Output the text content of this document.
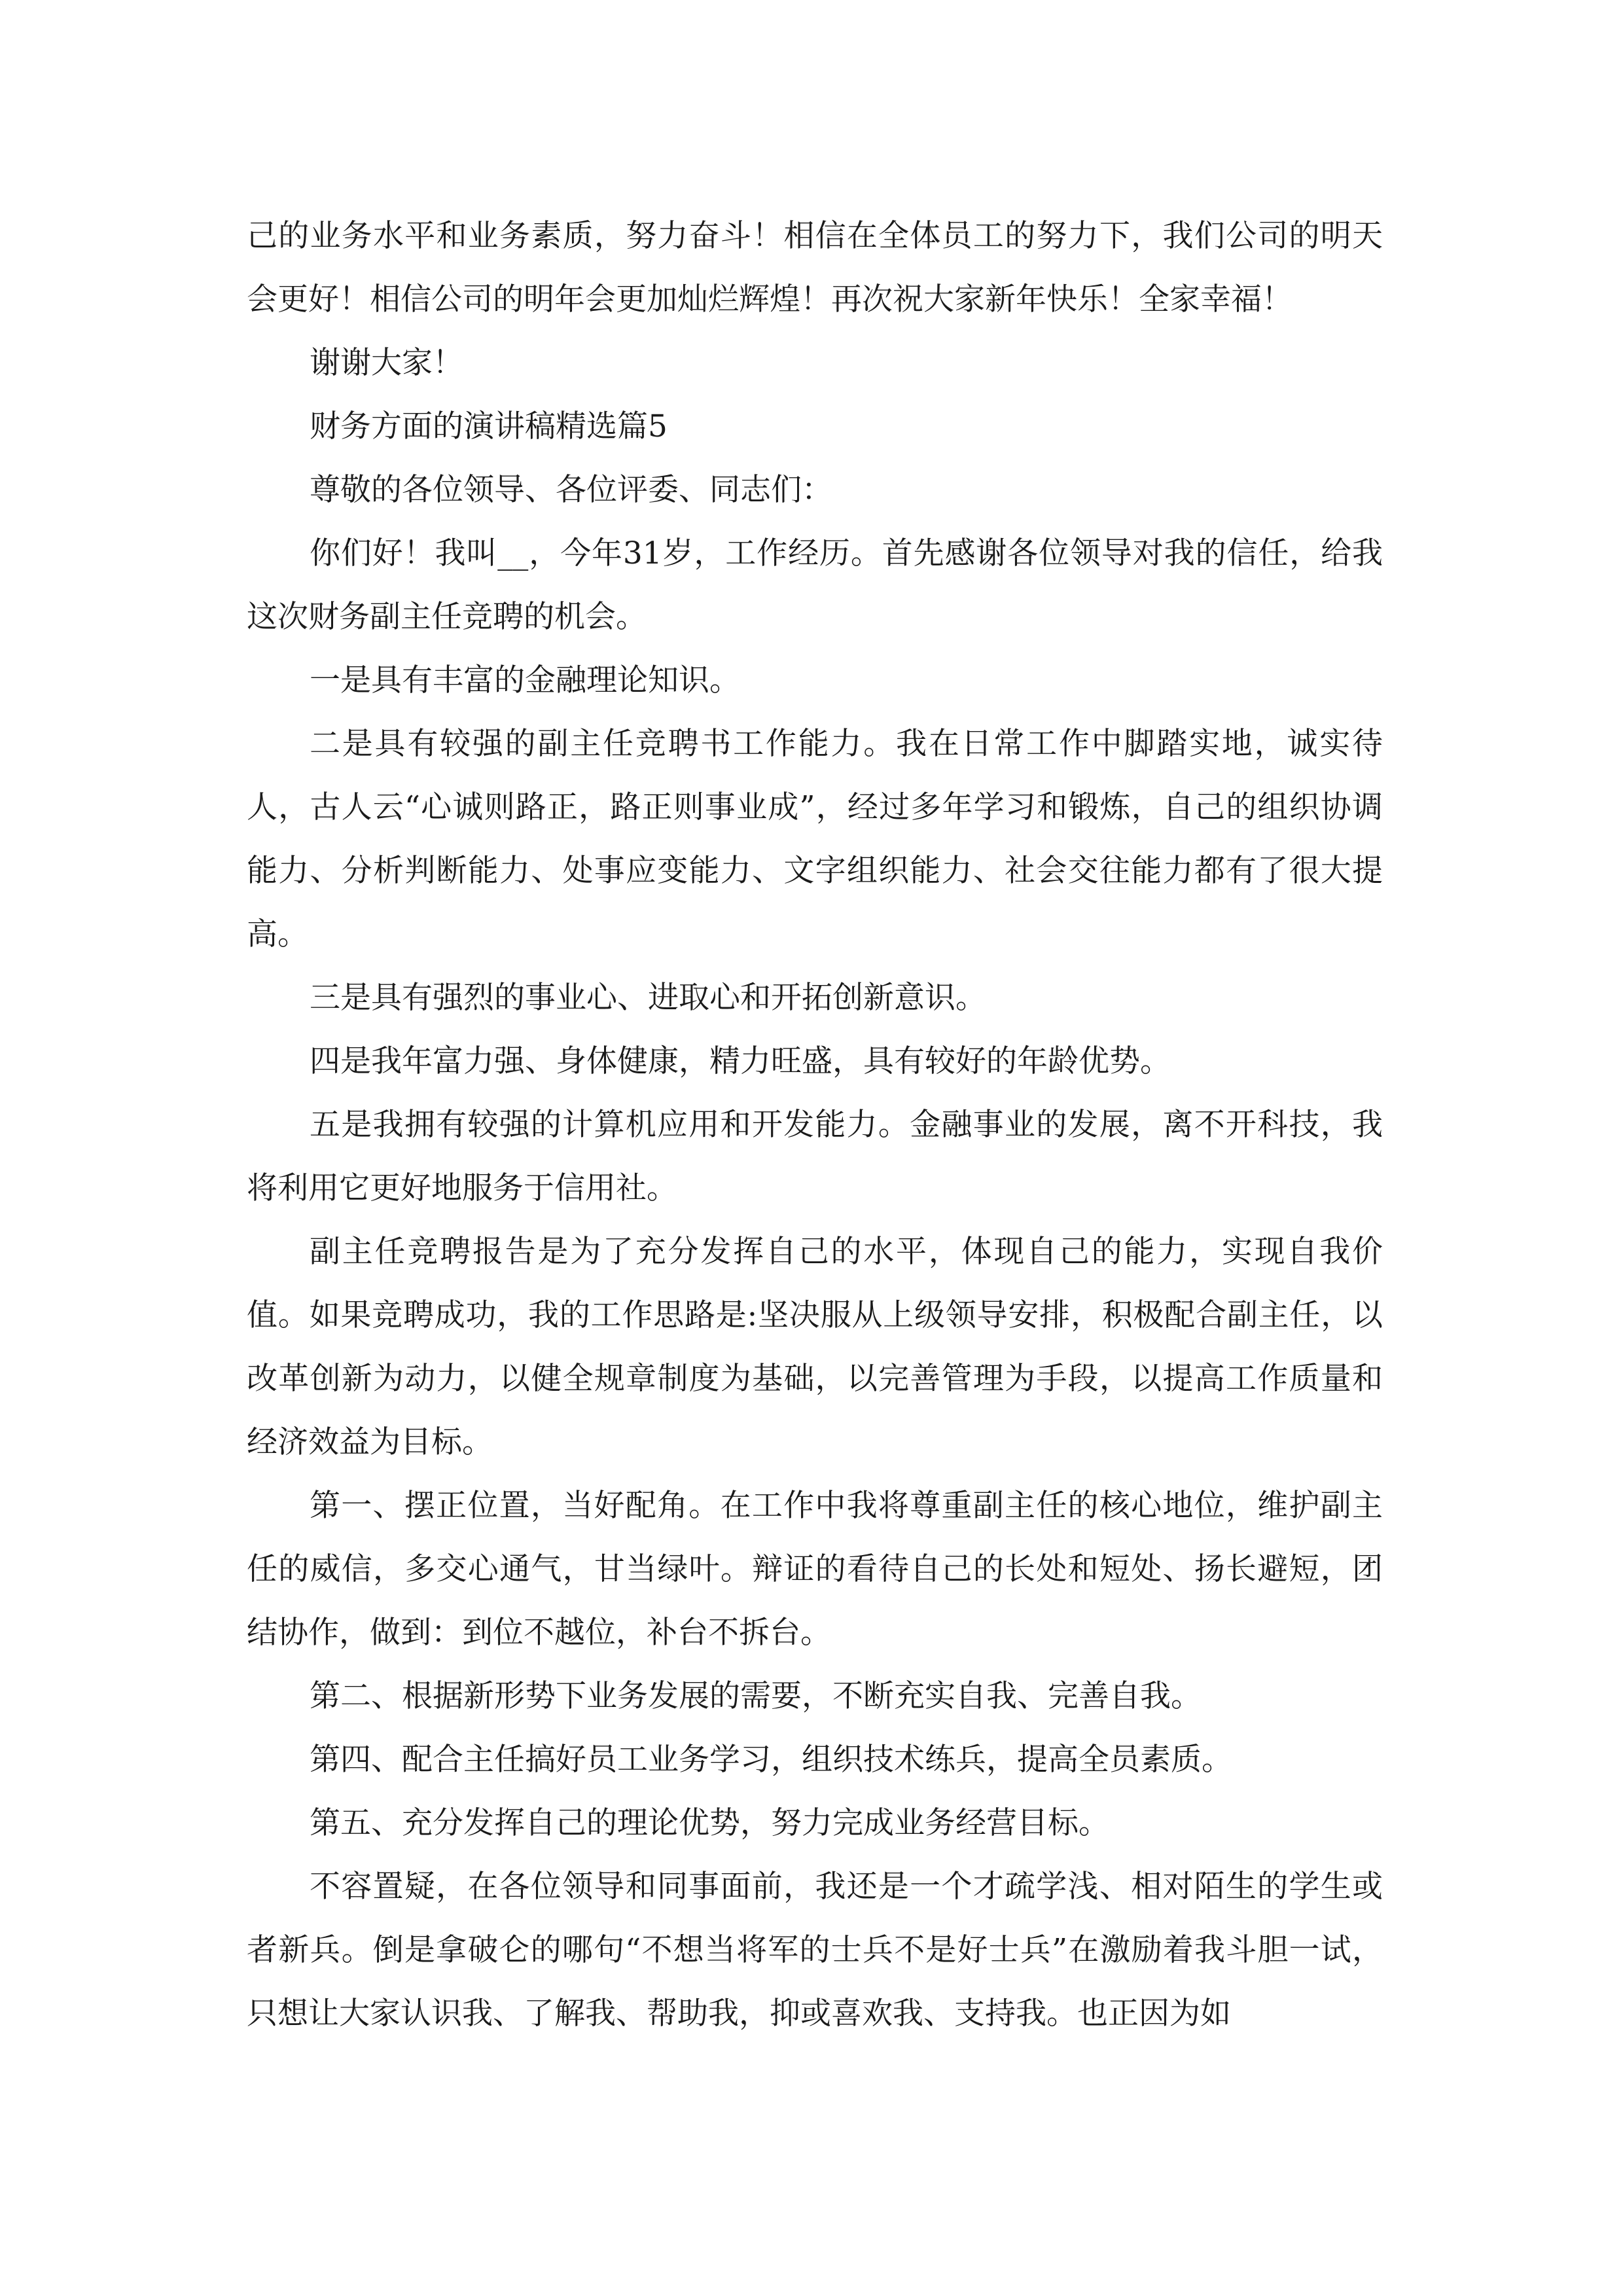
己的业务水平和业务素质，努力奋斗！相信在全体员工的努力下，我们公司的明天会更好！相信公司的明年会更加灿烂辉煌！再次祝大家新年快乐！全家幸福！

谢谢大家！

财务方面的演讲稿精选篇5

尊敬的各位领导、各位评委、同志们：

你们好！我叫__，今年31岁，工作经历。首先感谢各位领导对我的信任，给我这次财务副主任竞聘的机会。

一是具有丰富的金融理论知识。

二是具有较强的副主任竞聘书工作能力。我在日常工作中脚踏实地，诚实待人，古人云“心诚则路正，路正则事业成”，经过多年学习和锻炼，自己的组织协调能力、分析判断能力、处事应变能力、文字组织能力、社会交往能力都有了很大提高。

三是具有强烈的事业心、进取心和开拓创新意识。

四是我年富力强、身体健康，精力旺盛，具有较好的年龄优势。

五是我拥有较强的计算机应用和开发能力。金融事业的发展，离不开科技，我将利用它更好地服务于信用社。

副主任竞聘报告是为了充分发挥自己的水平，体现自己的能力，实现自我价值。如果竞聘成功，我的工作思路是:坚决服从上级领导安排，积极配合副主任，以改革创新为动力，以健全规章制度为基础，以完善管理为手段，以提高工作质量和经济效益为目标。

第一、摆正位置，当好配角。在工作中我将尊重副主任的核心地位，维护副主任的威信，多交心通气，甘当绿叶。辩证的看待自己的长处和短处、扬长避短，团结协作，做到：到位不越位，补台不拆台。

第二、根据新形势下业务发展的需要，不断充实自我、完善自我。

第四、配合主任搞好员工业务学习，组织技术练兵，提高全员素质。

第五、充分发挥自己的理论优势，努力完成业务经营目标。

不容置疑，在各位领导和同事面前，我还是一个才疏学浅、相对陌生的学生或者新兵。倒是拿破仑的哪句“不想当将军的士兵不是好士兵”在激励着我斗胆一试，只想让大家认识我、了解我、帮助我，抑或喜欢我、支持我。也正因为如
